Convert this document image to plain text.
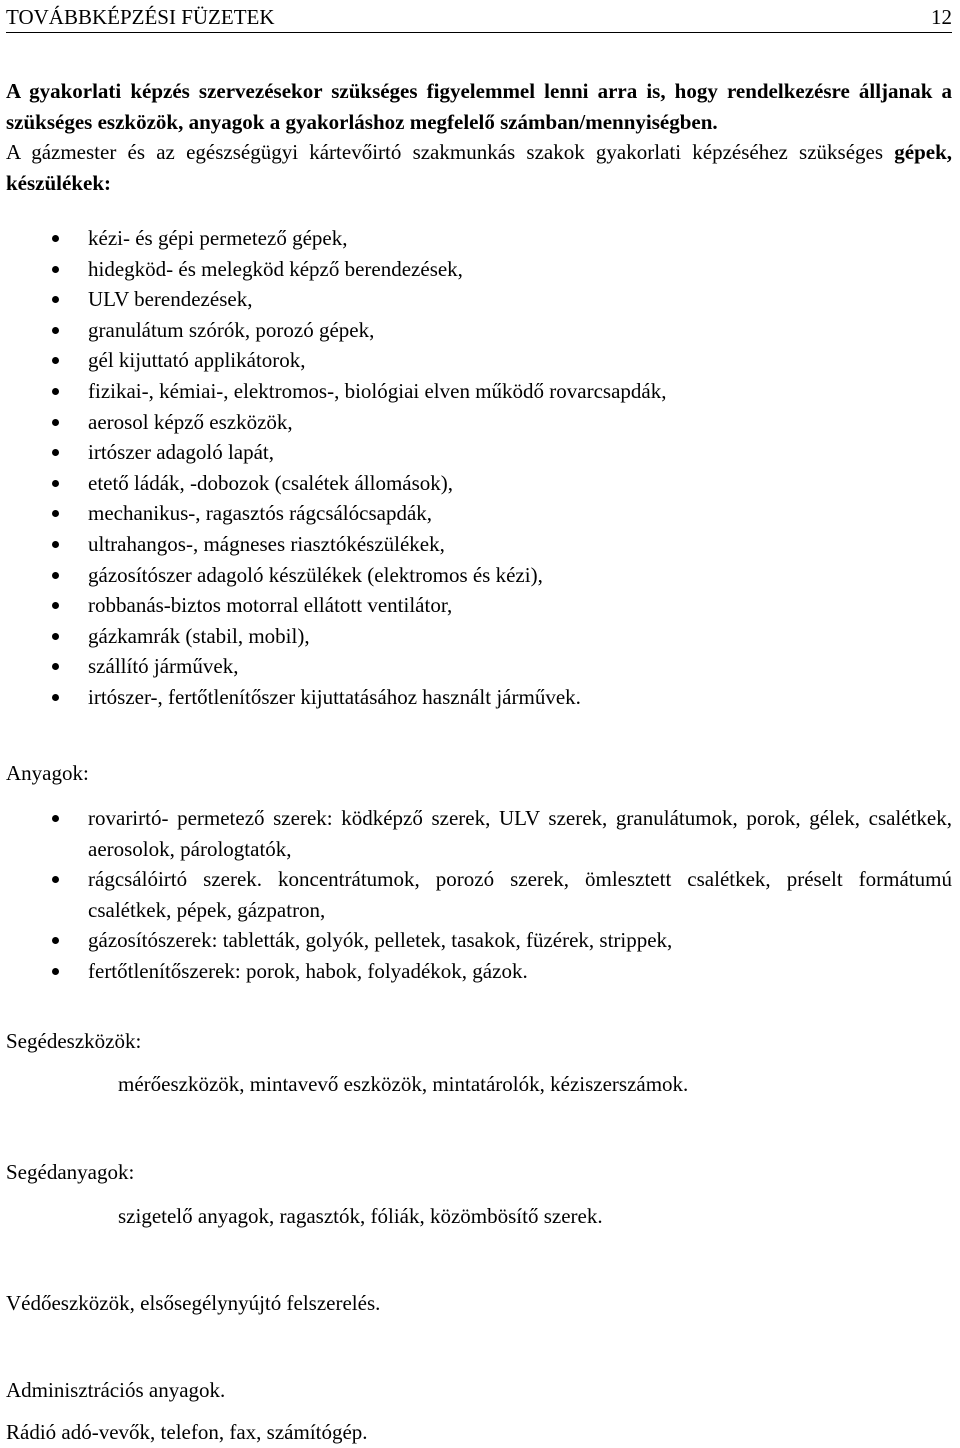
TOVÁBBKÉPZÉSI FÜZETEK	12

A gyakorlati képzés szervezésekor szükséges figyelemmel lenni arra is, hogy rendelkezésre álljanak a szükséges eszközök, anyagok a gyakorláshoz megfelelő számban/mennyiségben.

A gázmester és az egészségügyi kártevőirtó szakmunkás szakok gyakorlati képzéséhez szükséges gépek, készülékek:

kézi- és gépi permetező gépek,
hidegköd- és melegköd képző berendezések,
ULV berendezések,
granulátum szórók, porozó gépek,
gél kijuttató applikátorok,
fizikai-, kémiai-, elektromos-, biológiai elven működő rovarcsapdák,
aerosol képző eszközök,
irtószer adagoló lapát,
etető ládák, -dobozok (csalétek állomások),
mechanikus-, ragasztós rágcsálócsapdák,
ultrahangos-, mágneses riasztókészülékek,
gázosítószer adagoló készülékek (elektromos és kézi),
robbanás-biztos motorral ellátott ventilátor,
gázkamrák (stabil, mobil),
szállító járművek,
irtószer-, fertőtlenítőszer kijuttatásához használt járművek.
Anyagok:
rovarirtó- permetező szerek: ködképző szerek, ULV szerek, granulátumok, porok, gélek, csalétkek, aerosolok, párologtatók,
rágcsálóirtó szerek. koncentrátumok, porozó szerek, ömlesztett csalétkek, préselt formátumú csalétkek, pépek, gázpatron,
gázosítószerek: tabletták, golyók, pelletek, tasakok, füzérek, strippek,
fertőtlenítőszerek: porok, habok, folyadékok, gázok.
Segédeszközök:
mérőeszközök, mintavevő eszközök, mintatárolók, kéziszerszámok.
Segédanyagok:
szigetelő anyagok, ragasztók, fóliák, közömbösítő szerek.
Védőeszközök, elsősegélynyújtó felszerelés.
Adminisztrációs anyagok.
Rádió adó-vevők, telefon, fax, számítógép.
